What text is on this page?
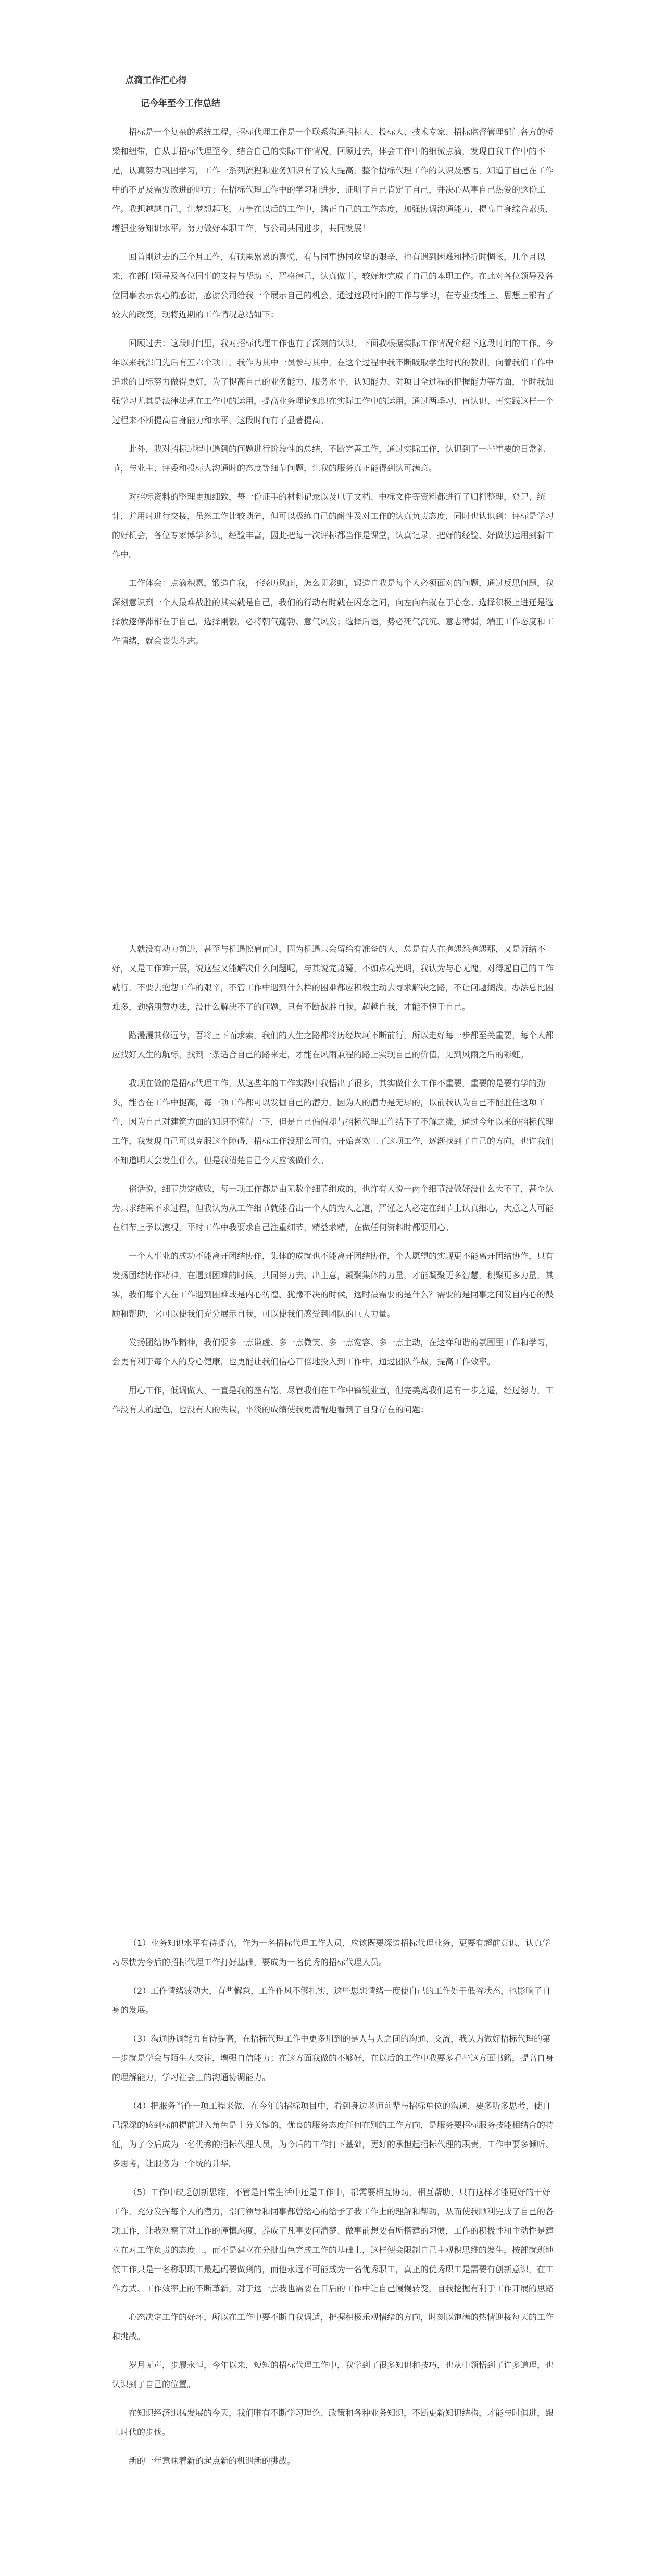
点滴工作汇心得
记今年至今工作总结

招标是一个复杂的系统工程，招标代理工作是一个联系沟通招标人、投标人、技术专家、招标监督管理部门各方的桥梁和纽带，自从事招标代理至今，结合自己的实际工作情况，回顾过去，体会工作中的细微点滴，发现自我工作中的不足，认真努力巩固学习，工作一系列流程和业务知识有了较大提高，整个招标代理工作的认识及感悟，知道了自己在工作中的不足及需要改进的地方；在招标代理工作中的学习和进步，证明了自己肯定了自己，并决心从事自己热爱的这份工作。我想越越自己，让梦想起飞，力争在以后的工作中，踏正自己的工作态度，加强协调沟通能力，提高自身综合素质，增强业务知识水平。努力做好本职工作，与公司共同进步，共同发展！

回首刚过去的三个月工作，有硕果累累的喜悦，有与同事协同攻坚的艰辛，也有遇到困难和挫折时惆怅，几个月以来，在部门领导及各位同事的支持与帮助下，严格律己，认真做事，较好地完成了自己的本职工作。在此对各位领导及各位同事表示衷心的感谢，感谢公司给我一个展示自己的机会，通过这段时间的工作与学习，在专业技能上、思想上都有了较大的改变，现将近期的工作情况总结如下：

回顾过去：这段时间里，我对招标代理工作也有了深刻的认识，下面我根据实际工作情况介绍下这段时间的工作。今年以来我部门先后有五六个项目，我作为其中一员参与其中，在这个过程中我不断吸取学生时代的教训，向着我们工作中追求的目标努力做得更好，为了提高自己的业务能力、服务水平、认知能力、对项目全过程的把握能力等方面，平时我加强学习尤其是法律法规在工作中的运用，提高业务理论知识在实际工作中的运用，通过两季习、再认识、再实践这样一个过程来不断提高自身能力和水平，这段时间有了显著提高。

此外，我对招标过程中遇到的问题进行阶段性的总结，不断完善工作，通过实际工作，认识到了一些重要的日常礼节，与业主、评委和投标人沟通时的态度等细节问题，让我的服务真正能得到认可满意。

对招标资料的整理更加细致，每一份证手的材料记录以及电子文档、中标文件等资料都进行了归档整理，登记、统计，并用时进行交接，虽然工作比较琐碎，但可以极练自己的耐性及对工作的认真负责态度，同时也认识到：评标是学习的好机会，各位专家博学多识，经验丰富，因此把每一次评标都当作是课堂，认真记录，把好的经验、好做法运用到新工作中。

工作体会：点滴积累，锻造自我，不经历风雨，怎么见彩虹，锻造自我是每个人必须面对的问题，通过反思问题，我深刻意识到一个人最难战胜的其实就是自己，我们的行动有时就在闪念之间，向左向右就在于心念。选择积极上进还是选择放逐停滞都在于自己，选择刚毅，必将朝气蓬勃、意气风发；选择后退，势必死气沉沉、意志薄弱，端正工作态度和工作情绪，就会丧失斗志。

人就没有动力前进，甚至与机遇擦肩而过，因为机遇只会留给有准备的人，总是有人在抱怨怨抱怨那，又是诉结不好，又是工作难开展，说这些又能解决什么问题呢，与其说完萧疑，不如点亮光明，我认为与心无愧，对得起自己的工作就行，不要去抱怨工作的艰辛，不管工作中遇到什么样的困难都应积极主动去寻求解决之路，不让问题搁浅，办法总比困难多，劲骆朋赞办法，没什么解决不了的问题，只有不断战胜自我，超越自我，才能不愧于自己。

路漫漫其修远兮，吾将上下而求索，我们的人生之路都将历经坎坷不断前行，所以走好每一步都至关重要，每个人都应找好人生的航标，找到一条适合自己的路来走，才能在风雨兼程的路上实现自己的价值，见到风雨之后的彩虹。

我现在做的是招标代理工作，从这些年的工作实践中我悟出了很多，其实做什么工作不重要，重要的是要有学的劲头，能否在工作中提高，每一项工作都可以发掘自己的潜力，因为人的潜力是无尽的，以前我认为自己不能胜任这项工作，因为自己对建筑方面的知识不懂得一下，但是自己偏偏却与招标代理工作结下了不解之缘，通过今年以来的招标代理工作，我发现自己可以克服这个障碍，招标工作没那么可怕，开始喜欢上了这项工作，逐渐找到了自己的方向，也许我们不知道明天会发生什么，但是我清楚自己今天应该做什么。

俗话说，细节决定成败，每一项工作都是由无数个细节组成的，也许有人说一两个细节没做好没什么大不了，甚至认为只求结果不求过程，但我认为从工作细节就能看出一个人的为人之道，严谨之人必定在细节上认真细心，大意之人可能在细节上予以漠视，平时工作中我要求自己注重细节，精益求精，在做任何资料时都要用心。

一个人事业的成功不能离开团结协作，集体的成就也不能离开团结协作，个人愿望的实现更不能离开团结协作，只有发扬团结协作精神，在遇到困难的时候，共同努力去、出主意，凝聚集体的力量，才能凝聚更多智慧，积聚更多力量，其实，我们每个人在工作遇到困难或是内心彷徨、犹豫不决的时候，这时最需要的是什么？需要的是同事之间发自内心的鼓励和帮助，它可以使我们充分展示自我，可以使我们感受到团队的巨大力量。

发扬团结协作精神，我们要多一点谦虚、多一点微笑、多一点宽容、多一点主动，在这样和谐的氛围里工作和学习，会更有利于每个人的身心健康，也更能让我们信心百倍地投入到工作中，通过团队作战，提高工作效率。

用心工作，低调做人，一直是我的座右铭，尽管我们在工作中锋锐业宣，但完美离我们总有一步之遥，经过努力，工作没有大的起色，也没有大的失误，平淡的成绩使我更清醒地看到了自身存在的问题：

（1）业务知识水平有待提高，作为一名招标代理工作人员，应该既要深谙招标代理业务，更要有超前意识，认真学习尽快为今后的招标代理工作打好基础，要成为一名优秀的招标代理人员。

（2）工作情绪波动大，有些懈怠，工作作风不够扎实，这些思想情绪一度使自己的工作处于低谷状态，也影响了自身的发展。

（3）沟通协调能力有待提高，在招标代理工作中更多用到的是人与人之间的沟通、交流，我认为做好招标代理的第一步就是学会与陌生人交往，增强自信能力；在这方面我做的不够好，在以后的工作中我要多看些这方面书籍，提高自身的理解能力，学习社会上的沟通协调能力。

（4）把服务当作一项工程来做，在今年的招标项目中，看到身边老师前辈与招标单位的沟通，要多听多思考，使自己深深的感到标前提前进入角色是十分关键的，优良的服务态度任何在别的工作方向，是服务要招标服务技能相结合的特征，为了今后成为一名优秀的招标代理人员，为今后的工作打下基础，更好的承担起招标代理的职责，工作中要多倾听、多思考，让服务为一个统的升华。

（5）工作中缺乏创新思维，不管是日常生活中还是工作中，都需要相互协助，相互帮助，只有这样才能更好的干好工作，充分发挥每个人的潜力，部门领导和同事都曾给心的给予了我工作上的理解和帮助，从而使我顺利完成了自己的各项工作，让我观察了对工作的谨慎态度，养成了凡事要问清楚、做事前想要有所搭建的习惯，工作的积极性和主动性是建立在对工作负责的态度上，而不是建立在分批出色完成工作的基础上，这样便会限制自己主观积思维的发生，按部就班地依工作只是一名称职职工最起码要做到的，而他永远不可能成为一名优秀职工，真正的优秀职工是需要有创新意识，在工作方式、工作效率上的不断革新，对于这一点我也需要在日后的工作中让自己慢慢转变，自我挖掘有利于工作开展的思路

心态决定工作的好坏，所以在工作中要不断自我调适，把握积极乐观情绪的方向，时刻以饱满的热情迎接每天的工作和挑战。

岁月无声，步履永恒，今年以来，短短的招标代理工作中，我学到了很多知识和技巧，也从中领悟到了许多道理，也认识到了自己的位置。

在知识经济迅猛发展的今天，我们唯有不断学习理论、政策和各种业务知识，不断更新知识结构，才能与时俱进，跟上时代的步伐。

新的一年意味着新的起点新的机遇新的挑战。
